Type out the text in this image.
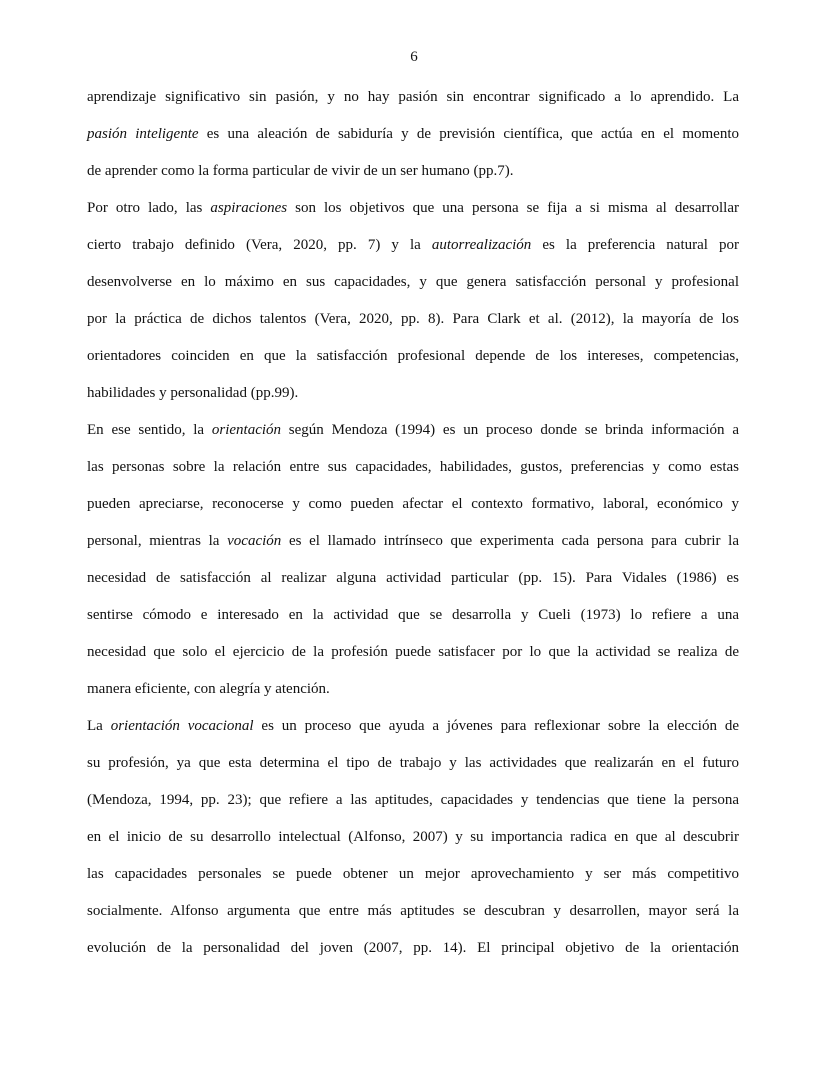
6
aprendizaje significativo sin pasión, y no hay pasión sin encontrar significado a lo aprendido. La
pasión inteligente es una aleación de sabiduría y de previsión científica, que actúa en el momento
de aprender como la forma particular de vivir de un ser humano (pp.7).
Por otro lado, las aspiraciones son los objetivos que una persona se fija a si misma al desarrollar
cierto trabajo definido (Vera, 2020, pp. 7) y la autorrealización es la preferencia natural por
desenvolverse en lo máximo en sus capacidades, y que genera satisfacción personal y profesional
por la práctica de dichos talentos (Vera, 2020, pp. 8). Para Clark et al. (2012), la mayoría de los
orientadores coinciden en que la satisfacción profesional depende de los intereses, competencias,
habilidades y personalidad (pp.99).
En ese sentido, la orientación según Mendoza (1994) es un proceso donde se brinda información a
las personas sobre la relación entre sus capacidades, habilidades, gustos, preferencias y como estas
pueden apreciarse, reconocerse y como pueden afectar el contexto formativo, laboral, económico y
personal, mientras la vocación es el llamado intrínseco que experimenta cada persona para cubrir la
necesidad de satisfacción al realizar alguna actividad particular (pp. 15). Para Vidales (1986) es
sentirse cómodo e interesado en la actividad que se desarrolla y Cueli (1973) lo refiere a una
necesidad que solo el ejercicio de la profesión puede satisfacer por lo que la actividad se realiza de
manera eficiente, con alegría y atención.
La orientación vocacional es un proceso que ayuda a jóvenes para reflexionar sobre la elección de
su profesión, ya que esta determina el tipo de trabajo y las actividades que realizarán en el futuro
(Mendoza, 1994, pp. 23); que refiere a las aptitudes, capacidades y tendencias que tiene la persona
en el inicio de su desarrollo intelectual (Alfonso, 2007) y su importancia radica en que al descubrir
las capacidades personales se puede obtener un mejor aprovechamiento y ser más competitivo
socialmente. Alfonso argumenta que entre más aptitudes se descubran y desarrollen, mayor será la
evolución de la personalidad del joven (2007, pp. 14). El principal objetivo de la orientación
